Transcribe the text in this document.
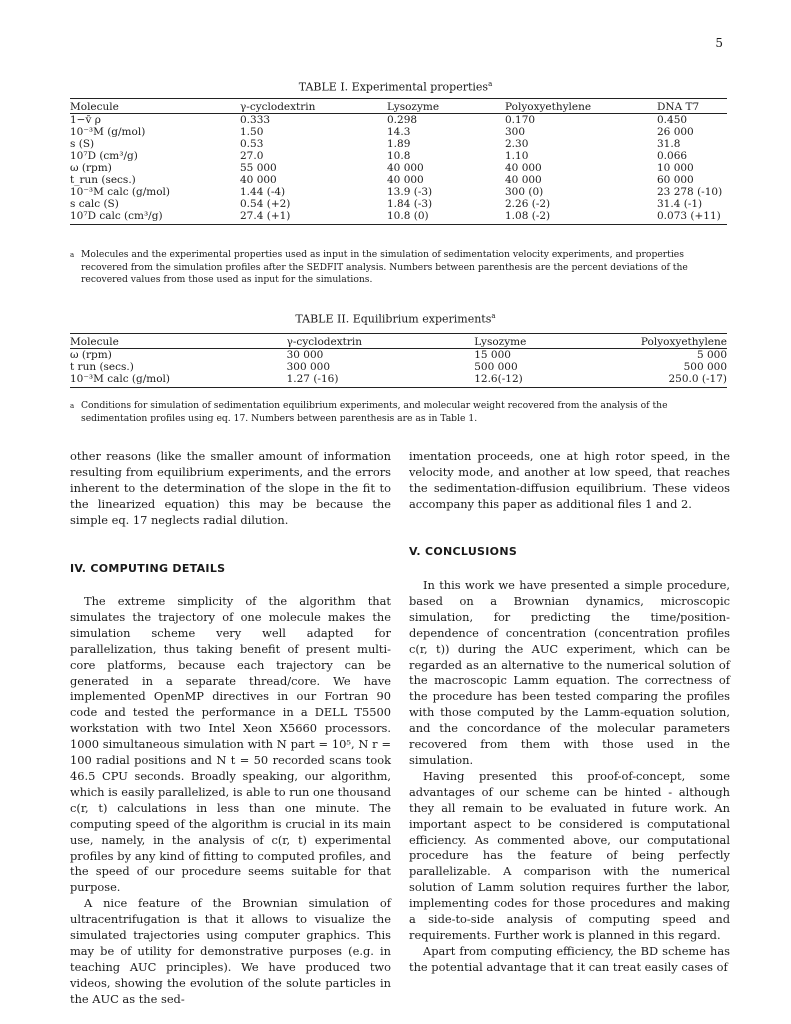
5
TABLE I. Experimental properties$^a$
Molecule	γ-cyclodextrin	Lysozyme	Polyoxyethylene	DNA T7
1−v̄ ρ	0.333	0.298	0.170	0.450
10⁻³M (g/mol)	1.50	14.3	300	26 000
s (S)	0.53	1.89	2.30	31.8
10⁷D (cm³/g)	27.0	10.8	1.10	0.066
ω (rpm)	55 000	40 000	40 000	10 000
t_run (secs.)	40 000	40 000	40 000	60 000
10⁻³M calc (g/mol)	1.44 (-4)	13.9 (-3)	300 (0)	23 278 (-10)
s calc (S)	0.54 (+2)	1.84 (-3)	2.26 (-2)	31.4 (-1)
10⁷D calc (cm³/g)	27.4 (+1)	10.8 (0)	1.08 (-2)	0.073 (+11)
a Molecules and the experimental properties used as input in the simulation of sedimentation velocity experiments, and properties
recovered from the simulation profiles after the SEDFIT analysis. Numbers between parenthesis are the percent deviations of the
recovered values from those used as input for the simulations.
TABLE II. Equilibrium experiments$^a$
Molecule	γ-cyclodextrin	Lysozyme	Polyoxyethylene
ω (rpm)	30 000	15 000	5 000
t run (secs.)	300 000	500 000	500 000
10⁻³M calc (g/mol)	1.27 (-16)	12.6(-12)	250.0 (-17)
a Conditions for simulation of sedimentation equilibrium experiments, and molecular weight recovered from the analysis of the
sedimentation profiles using eq. 17. Numbers between parenthesis are as in Table 1.

other reasons (like the smaller amount of information resulting from equilibrium experiments, and the errors inherent to the determination of the slope in the fit to the linearized equation) this may be because the simple eq. 17 neglects radial dilution.

IV. COMPUTING DETAILS

The extreme simplicity of the algorithm that simulates the trajectory of one molecule makes the simulation scheme very well adapted for parallelization, thus taking benefit of present multi-core platforms, because each trajectory can be generated in a separate thread/core. We have implemented OpenMP directives in our Fortran 90 code and tested the performance in a DELL T5500 workstation with two Intel Xeon X5660 processors. 1000 simultaneous simulation with N part = 10⁵, N r = 100 radial positions and N t = 50 recorded scans took 46.5 CPU seconds. Broadly speaking, our algorithm, which is easily parallelized, is able to run one thousand c(r, t) calculations in less than one minute. The computing speed of the algorithm is crucial in its main use, namely, in the analysis of c(r, t) experimental profiles by any kind of fitting to computed profiles, and the speed of our procedure seems suitable for that purpose.

A nice feature of the Brownian simulation of ultracentrifugation is that it allows to visualize the simulated trajectories using computer graphics. This may be of utility for demonstrative purposes (e.g. in teaching AUC principles). We have produced two videos, showing the evolution of the solute particles in the AUC as the sed-

imentation proceeds, one at high rotor speed, in the velocity mode, and another at low speed, that reaches the sedimentation-diffusion equilibrium. These videos accompany this paper as additional files 1 and 2.

V. CONCLUSIONS

In this work we have presented a simple procedure, based on a Brownian dynamics, microscopic simulation, for predicting the time/position-dependence of concentration (concentration profiles c(r, t)) during the AUC experiment, which can be regarded as an alternative to the numerical solution of the macroscopic Lamm equation. The correctness of the procedure has been tested comparing the profiles with those computed by the Lamm-equation solution, and the concordance of the molecular parameters recovered from them with those used in the simulation.

Having presented this proof-of-concept, some advantages of our scheme can be hinted - although they all remain to be evaluated in future work. An important aspect to be considered is computational efficiency. As commented above, our computational procedure has the feature of being perfectly parallelizable. A comparison with the numerical solution of Lamm solution requires further the labor, implementing codes for those procedures and making a side-to-side analysis of computing speed and requirements. Further work is planned in this regard.

Apart from computing efficiency, the BD scheme has the potential advantage that it can treat easily cases of
